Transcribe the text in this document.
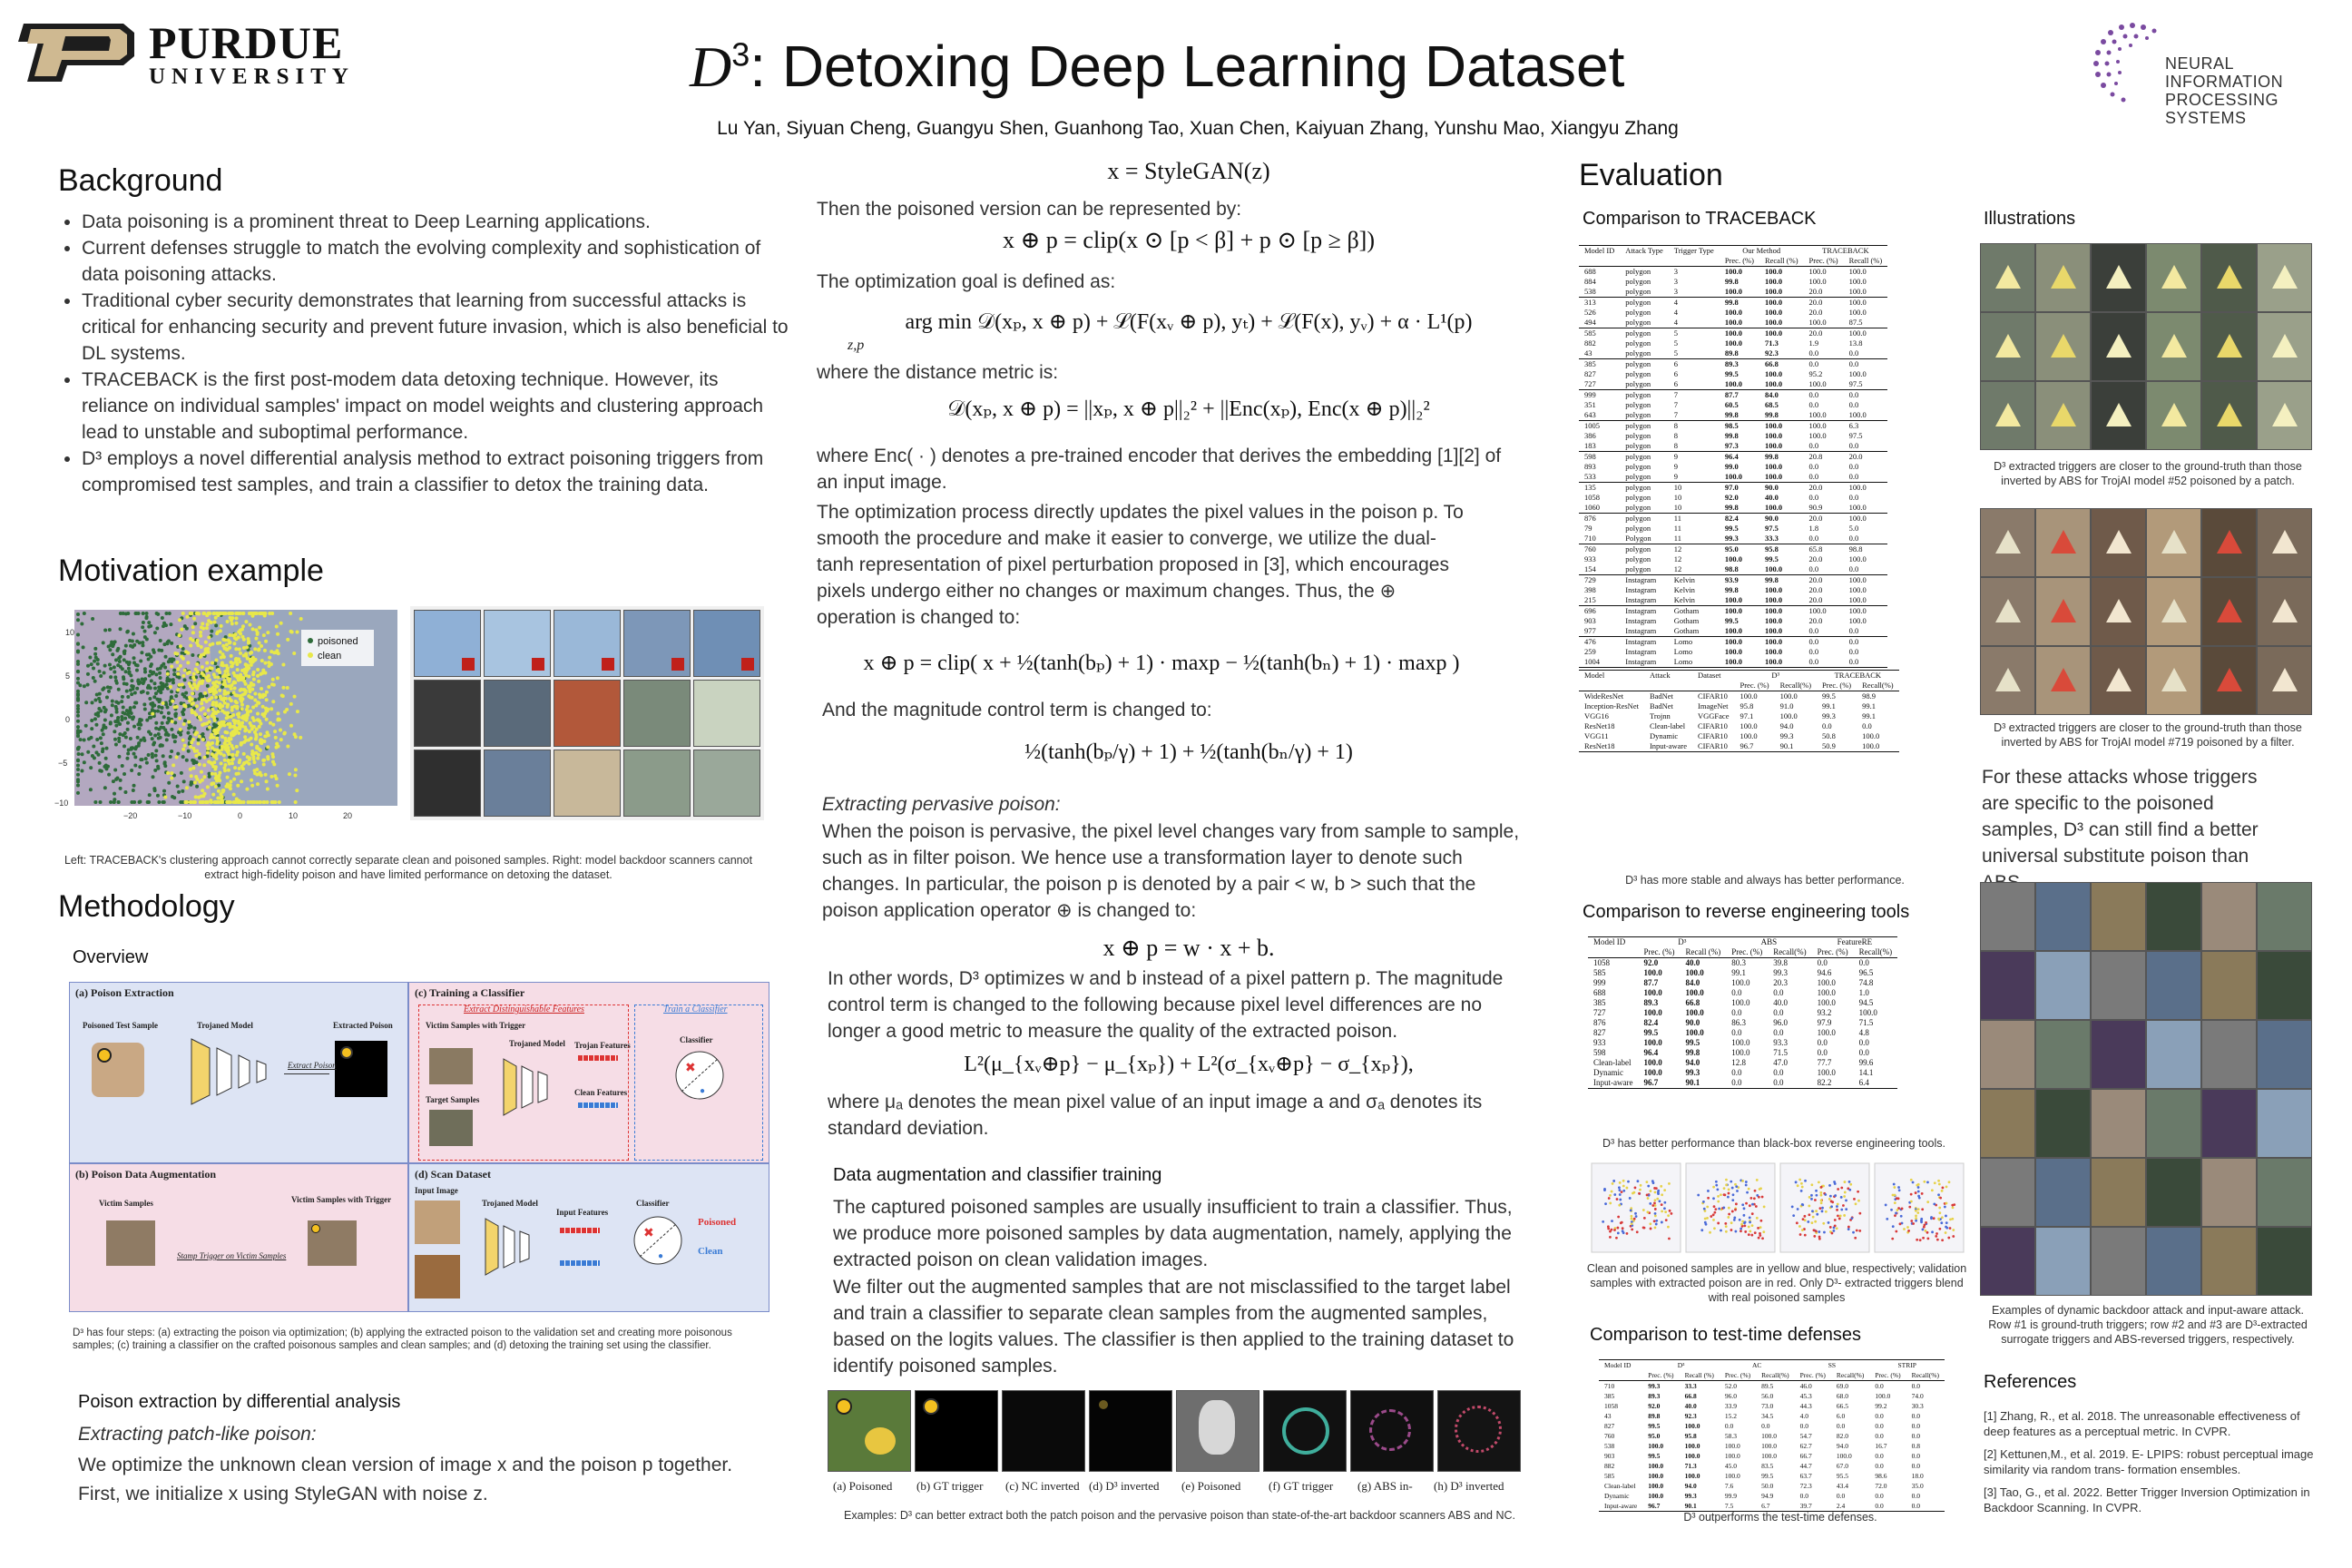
PURDUE
UNIVERSITY	$D^3$: Detoxing Deep Learning Dataset
Lu Yan, Siyuan Cheng, Guangyu Shen, Guanhong Tao, Xuan Chen, Kaiyuan Zhang, Yunshu Mao, Xiangyu Zhang
NEURAL INFORMATION
PROCESSING SYSTEMS
Background
• Data poisoning is a prominent threat to Deep Learning applications.
• Current defenses struggle to match the evolving complexity and sophistication of data poisoning attacks.
• Traditional cyber security demonstrates that learning from successful attacks is critical for enhancing security and prevent future invasion, which is also beneficial to DL systems.
• TRACEBACK is the first post-modem data detoxing technique. However, its reliance on individual samples' impact on model weights and clustering approach lead to unstable and suboptimal performance.
• D³ employs a novel differential analysis method to extract poisoning triggers from compromised test samples, and train a classifier to detox the training data.
Motivation example
10
5
0
−5
−10
−20	−10	0	10	20
poisoned
clean
Left: TRACEBACK's clustering approach cannot correctly separate clean and poisoned samples. Right: model backdoor scanners cannot extract high-fidelity poison and have limited performance on detoxing the dataset.
Methodology
Overview
(a) Poison Extraction
Poisoned Test Sample	Trojaned Model	Extracted Poison
Extract Poison
(c) Training a Classifier
Extract Distinguishable Features	Train a Classifier
Victim Samples with Trigger
Target Samples
Trojaned Model Trojan Features
Clean Features
Classifier
✖
●
(b) Poison Data Augmentation
Victim Samples	Victim Samples with Trigger
Stamp Trigger on Victim Samples
(d) Scan Dataset
Input Image
Trojaned Model
Input Features
Classifier
✖
●
Poisoned
Clean
D³ has four steps: (a) extracting the poison via optimization; (b) applying the extracted poison to the validation set and creating more poisonous samples; (c) training a classifier on the crafted poisonous samples and clean samples; and (d) detoxing the training set using the classifier.
Poison extraction by differential analysis

Extracting patch-like poison:

We optimize the unknown clean version of image x and the poison p together.

First, we initialize x using StyleGAN with noise z.

x = StyleGAN(z)

Then the poisoned version can be represented by:

x ⊕ p = clip(x ⊙ [p < β] + p ⊙ [p ≥ β])

The optimization goal is defined as:

arg min 𝒟(xₚ, x ⊕ p) + ℒ(F(xᵥ ⊕ p), yₜ) + ℒ(F(x), yᵥ) + α · L¹(p)
z,p

where the distance metric is:

𝒟(xₚ, x ⊕ p) = ||xₚ, x ⊕ p||₂² + ||Enc(xₚ), Enc(x ⊕ p)||₂²

where Enc( · ) denotes a pre-trained encoder that derives the embedding [1][2] of an input image.

The optimization process directly updates the pixel values in the poison p. To smooth the procedure and make it easier to converge, we utilize the dual-tanh representation of pixel perturbation proposed in [3], which encourages pixels undergo either no changes or maximum changes. Thus, the ⊕ operation is changed to:

x ⊕ p = clip( x + ½(tanh(bₚ) + 1) · maxp − ½(tanh(bₙ) + 1) · maxp )

And the magnitude control term is changed to:

½(tanh(bₚ/γ) + 1) + ½(tanh(bₙ/γ) + 1)

Extracting pervasive poison:

When the poison is pervasive, the pixel level changes vary from sample to sample, such as in filter poison. We hence use a transformation layer to denote such changes. In particular, the poison p is denoted by a pair < w, b > such that the poison application operator ⊕ is changed to:

x ⊕ p = w · x + b.

In other words, D³ optimizes w and b instead of a pixel pattern p. The magnitude control term is changed to the following because pixel level differences are no longer a good metric to measure the quality of the extracted poison.

L²(μ_{xᵥ⊕p} − μ_{xₚ}) + L²(σ_{xᵥ⊕p} − σ_{xₚ}),

where μₐ denotes the mean pixel value of an input image a and σₐ denotes its standard deviation.

Data augmentation and classifier training

The captured poisoned samples are usually insufficient to train a classifier. Thus, we produce more poisoned samples by data augmentation, namely, applying the extracted poison on clean validation images.

We filter out the augmented samples that are not misclassified to the target label and train a classifier to separate clean samples from the augmented samples, based on the logits values. The classifier is then applied to the training dataset to identify poisoned samples.

(a) Poisoned (b) GT trigger (c) NC inverted (d) D³ inverted (e) Poisoned (f) GT trigger (g) ABS in- (h) D³ inverted
Examples: D³ can better extract both the patch poison and the pervasive poison than state-of-the-art backdoor scanners ABS and NC.
Evaluation
Comparison to TRACEBACK
Model ID	Attack Type	Trigger Type	Our Method		TRACEBACK	
			Prec. (%)	Recall (%)	Prec. (%)	Recall (%)
688	polygon	3	100.0	100.0	100.0	100.0
884	polygon	3	99.8	100.0	100.0	100.0
538	polygon	3	100.0	100.0	20.0	100.0
313	polygon	4	99.8	100.0	20.0	100.0
526	polygon	4	100.0	100.0	20.0	100.0
494	polygon	4	100.0	100.0	100.0	87.5
585	polygon	5	100.0	100.0	20.0	100.0
882	polygon	5	100.0	71.3	1.9	13.8
43	polygon	5	89.8	92.3	0.0	0.0
385	polygon	6	89.3	66.8	0.0	0.0
827	polygon	6	99.5	100.0	95.2	100.0
727	polygon	6	100.0	100.0	100.0	97.5
999	polygon	7	87.7	84.0	0.0	0.0
351	polygon	7	60.5	68.5	0.0	0.0
643	polygon	7	99.8	99.8	100.0	100.0
1005	polygon	8	98.5	100.0	100.0	6.3
386	polygon	8	99.8	100.0	100.0	97.5
183	polygon	8	97.3	100.0	0.0	0.0
598	polygon	9	96.4	99.8	20.8	20.0
893	polygon	9	99.0	100.0	0.0	0.0
533	polygon	9	100.0	100.0	0.0	0.0
135	polygon	10	97.0	90.0	20.0	100.0
1058	polygon	10	92.0	40.0	0.0	0.0
1060	polygon	10	99.8	100.0	90.9	100.0
876	polygon	11	82.4	90.0	20.0	100.0
79	polygon	11	99.5	97.5	1.8	5.0
710	Polygon	11	99.3	33.3	0.0	0.0
760	polygon	12	95.0	95.8	65.8	98.8
933	polygon	12	100.0	99.5	20.0	100.0
154	polygon	12	98.8	100.0	0.0	0.0
729	Instagram	Kelvin	93.9	99.8	20.0	100.0
398	Instagram	Kelvin	99.8	100.0	20.0	100.0
215	Instagram	Kelvin	100.0	100.0	20.0	100.0
696	Instagram	Gotham	100.0	100.0	100.0	100.0
903	Instagram	Gotham	99.5	100.0	20.0	100.0
977	Instagram	Gotham	100.0	100.0	0.0	0.0
476	Instagram	Lomo	100.0	100.0	0.0	0.0
259	Instagram	Lomo	100.0	100.0	0.0	0.0
1004	Instagram	Lomo	100.0	100.0	0.0	0.0
Model	Attack	Dataset	D³		TRACEBACK	
			Prec. (%)	Recall(%)	Prec. (%)	Recall(%)
WideResNet	BadNet	CIFAR10	100.0	100.0	99.5	98.9
Inception-ResNet	BadNet	ImageNet	95.8	91.0	99.1	99.1
VGG16	Trojnn	VGGFace	97.1	100.0	99.3	99.1
ResNet18	Clean-label	CIFAR10	100.0	94.0	0.0	0.0
VGG11	Dynamic	CIFAR10	100.0	99.3	50.8	100.0
ResNet18	Input-aware	CIFAR10	96.7	90.1	50.9	100.0
D³ has more stable and always has better performance.
Comparison to reverse engineering tools
Model ID	D³		ABS		FeatureRE	
	Prec. (%)	Recall (%)	Prec. (%)	Recall(%)	Prec. (%)	Recall(%)
1058	92.0	40.0	80.3	39.8	0.0	0.0
585	100.0	100.0	99.1	99.3	94.6	96.5
999	87.7	84.0	100.0	20.3	100.0	74.8
688	100.0	100.0	0.0	0.0	100.0	1.0
385	89.3	66.8	100.0	40.0	100.0	94.5
727	100.0	100.0	0.0	0.0	93.2	100.0
876	82.4	90.0	86.3	96.0	97.9	71.5
827	99.5	100.0	0.0	0.0	100.0	4.8
933	100.0	99.5	100.0	93.3	0.0	0.0
598	96.4	99.8	100.0	71.5	0.0	0.0
Clean-label	100.0	94.0	12.8	47.0	77.7	99.6
Dynamic	100.0	99.3	0.0	0.0	100.0	14.1
Input-aware	96.7	90.1	0.0	0.0	82.2	6.4
D³ has better performance than black-box reverse engineering tools.
Clean and poisoned samples are in yellow and blue, respectively; validation samples with extracted poison are in red. Only D³- extracted triggers blend with real poisoned samples
Comparison to test-time defenses
Model ID	D³		AC		SS		STRIP	
	Prec. (%)	Recall (%)	Prec. (%)	Recall(%)	Prec. (%)	Recall(%)	Prec. (%)	Recall(%)
710	99.3	33.3	52.0	89.5	46.0	69.0	0.0	0.0
385	89.3	66.8	96.0	56.0	45.3	68.0	100.0	74.0
1058	92.0	40.0	33.9	73.0	44.3	66.5	99.2	30.3
43	89.8	92.3	15.2	34.5	4.0	6.0	0.0	0.0
827	99.5	100.0	0.0	0.0	0.0	0.0	0.0	0.0
760	95.0	95.8	58.3	100.0	54.7	82.0	0.0	0.0
538	100.0	100.0	100.0	100.0	62.7	94.0	16.7	0.8
903	99.5	100.0	100.0	100.0	66.7	100.0	0.0	0.0
882	100.0	71.3	45.0	83.5	44.7	67.0	0.0	0.0
585	100.0	100.0	100.0	99.5	63.7	95.5	98.6	18.0
Clean-label	100.0	94.0	7.6	50.0	72.3	43.4	72.0	35.0
Dynamic	100.0	99.3	99.9	94.9	0.0	0.0	0.0	0.0
Input-aware	96.7	90.1	7.5	6.7	39.7	2.4	0.0	0.0
D³ outperforms the test-time defenses.
Illustrations
D³ extracted triggers are closer to the ground-truth than those inverted by ABS for TrojAI model #52 poisoned by a patch.
D³ extracted triggers are closer to the ground-truth than those inverted by ABS for TrojAI model #719 poisoned by a filter.

For these attacks whose triggers are specific to the poisoned samples, D³ can still find a better universal substitute poison than

Examples of dynamic backdoor attack and input-aware attack. Row #1 is ground-truth triggers; row #2 and #3 are D³-extracted surrogate triggers and ABS-reversed triggers, respectively.
References
[1] Zhang, R., et al. 2018. The unreasonable effectiveness of deep features as a perceptual metric. In CVPR.
[2] Kettunen,M., et al. 2019. E- LPIPS: robust perceptual image similarity via random trans- formation ensembles.
[3] Tao, G., et al. 2022. Better Trigger Inversion Optimization in Backdoor Scanning. In CVPR.
